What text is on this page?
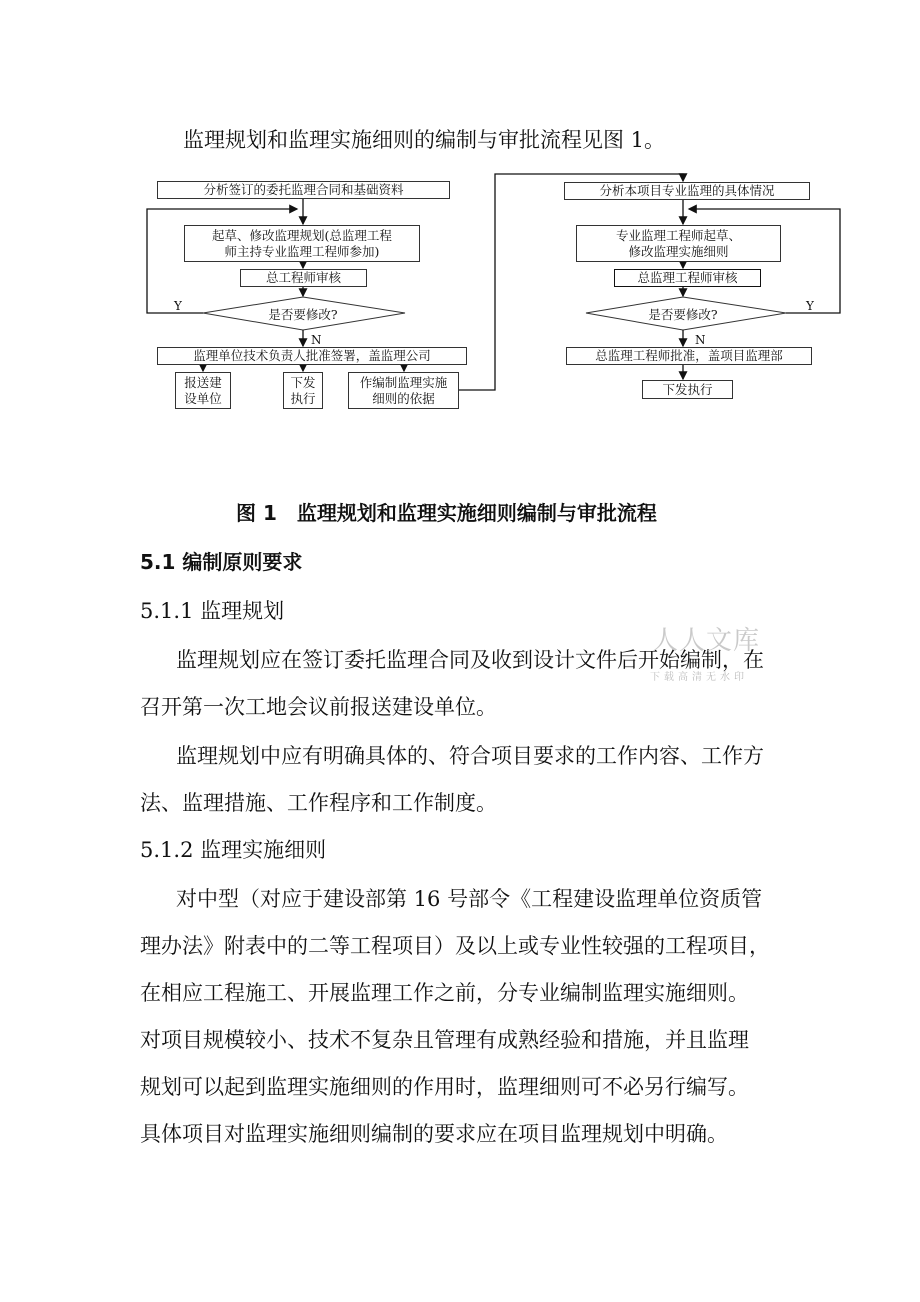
监理规划和监理实施细则的编制与审批流程见图 1。
分析签订的委托监理合同和基础资料
起草、修改监理规划(总监理工程
师主持专业监理工程师参加)
总工程师审核
是否要修改?
Y
N
监理单位技术负责人批准签署，盖监理公司
报送建
设单位
下发
执行
作编制监理实施
细则的依据
分析本项目专业监理的具体情况
专业监理工程师起草、
修改监理实施细则
总监理工程师审核
是否要修改?
Y
N
总监理工程师批准，盖项目监理部
下发执行
图 1　监理规划和监理实施细则编制与审批流程
5.1 编制原则要求
5.1.1 监理规划
监理规划应在签订委托监理合同及收到设计文件后开始编制，在
召开第一次工地会议前报送建设单位。
监理规划中应有明确具体的、符合项目要求的工作内容、工作方
法、监理措施、工作程序和工作制度。
5.1.2 监理实施细则
对中型（对应于建设部第 16 号部令《工程建设监理单位资质管
理办法》附表中的二等工程项目）及以上或专业性较强的工程项目，
在相应工程施工、开展监理工作之前，分专业编制监理实施细则。
对项目规模较小、技术不复杂且管理有成熟经验和措施，并且监理
规划可以起到监理实施细则的作用时，监理细则可不必另行编写。
具体项目对监理实施细则编制的要求应在项目监理规划中明确。
人人文库
下载高清无水印
